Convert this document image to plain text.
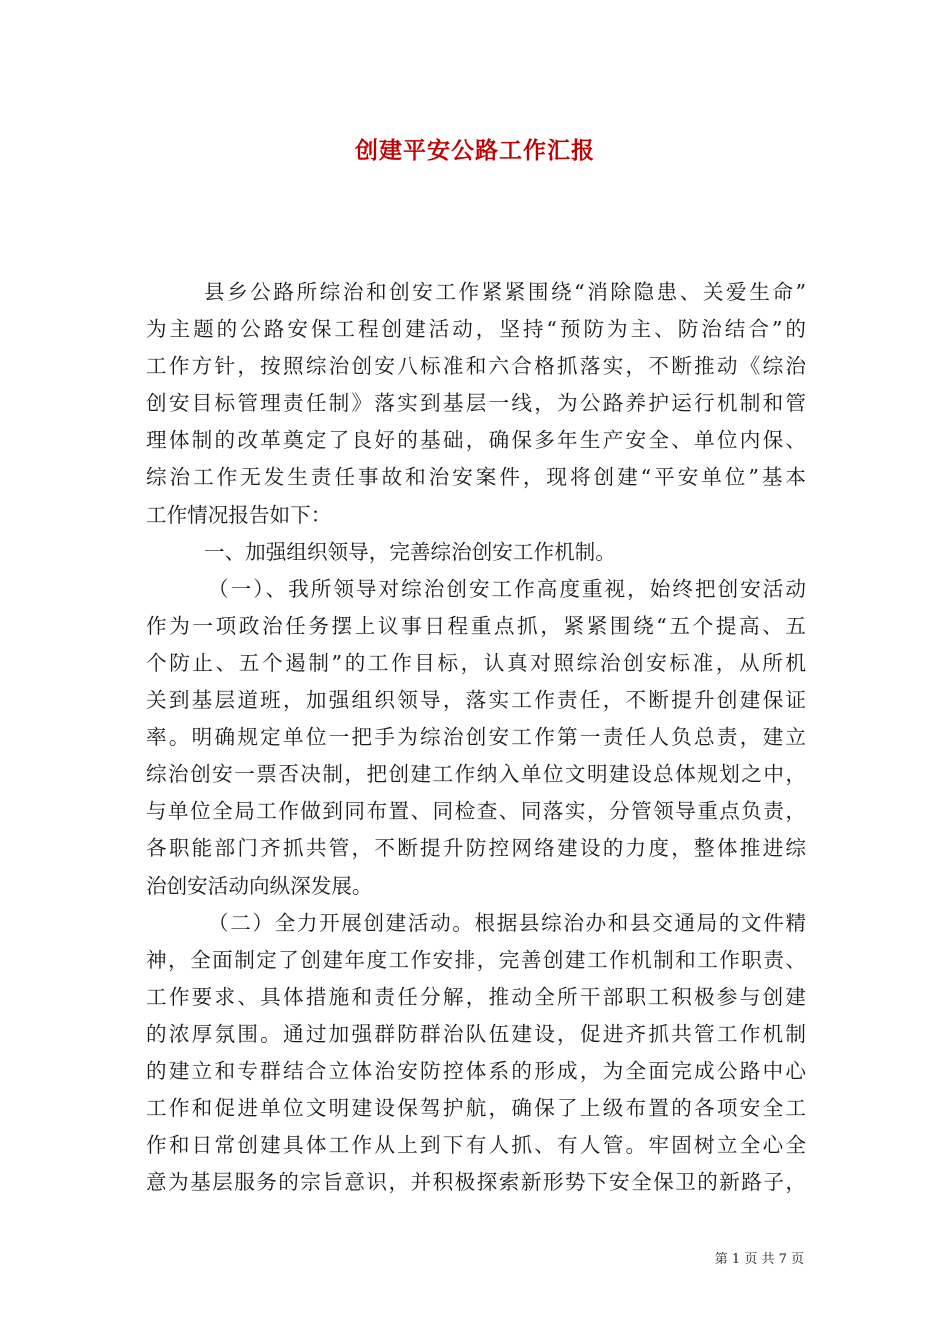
创建平安公路工作汇报
县乡公路所综治和创安工作紧紧围绕“消除隐患、关爱生命”
为主题的公路安保工程创建活动，坚持“预防为主、防治结合”的
工作方针，按照综治创安八标准和六合格抓落实，不断推动《综治
创安目标管理责任制》落实到基层一线，为公路养护运行机制和管
理体制的改革奠定了良好的基础，确保多年生产安全、单位内保、
综治工作无发生责任事故和治安案件，现将创建“平安单位”基本
工作情况报告如下：
一、加强组织领导，完善综治创安工作机制。
（一）、我所领导对综治创安工作高度重视，始终把创安活动
作为一项政治任务摆上议事日程重点抓，紧紧围绕“五个提高、五
个防止、五个遏制”的工作目标，认真对照综治创安标准，从所机
关到基层道班，加强组织领导，落实工作责任，不断提升创建保证
率。明确规定单位一把手为综治创安工作第一责任人负总责，建立
综治创安一票否决制，把创建工作纳入单位文明建设总体规划之中，
与单位全局工作做到同布置、同检查、同落实，分管领导重点负责，
各职能部门齐抓共管，不断提升防控网络建设的力度，整体推进综
治创安活动向纵深发展。
（二）全力开展创建活动。根据县综治办和县交通局的文件精
神，全面制定了创建年度工作安排，完善创建工作机制和工作职责、
工作要求、具体措施和责任分解，推动全所干部职工积极参与创建
的浓厚氛围。通过加强群防群治队伍建设，促进齐抓共管工作机制
的建立和专群结合立体治安防控体系的形成，为全面完成公路中心
工作和促进单位文明建设保驾护航，确保了上级布置的各项安全工
作和日常创建具体工作从上到下有人抓、有人管。牢固树立全心全
意为基层服务的宗旨意识，并积极探索新形势下安全保卫的新路子，
第 1 页 共 7 页
